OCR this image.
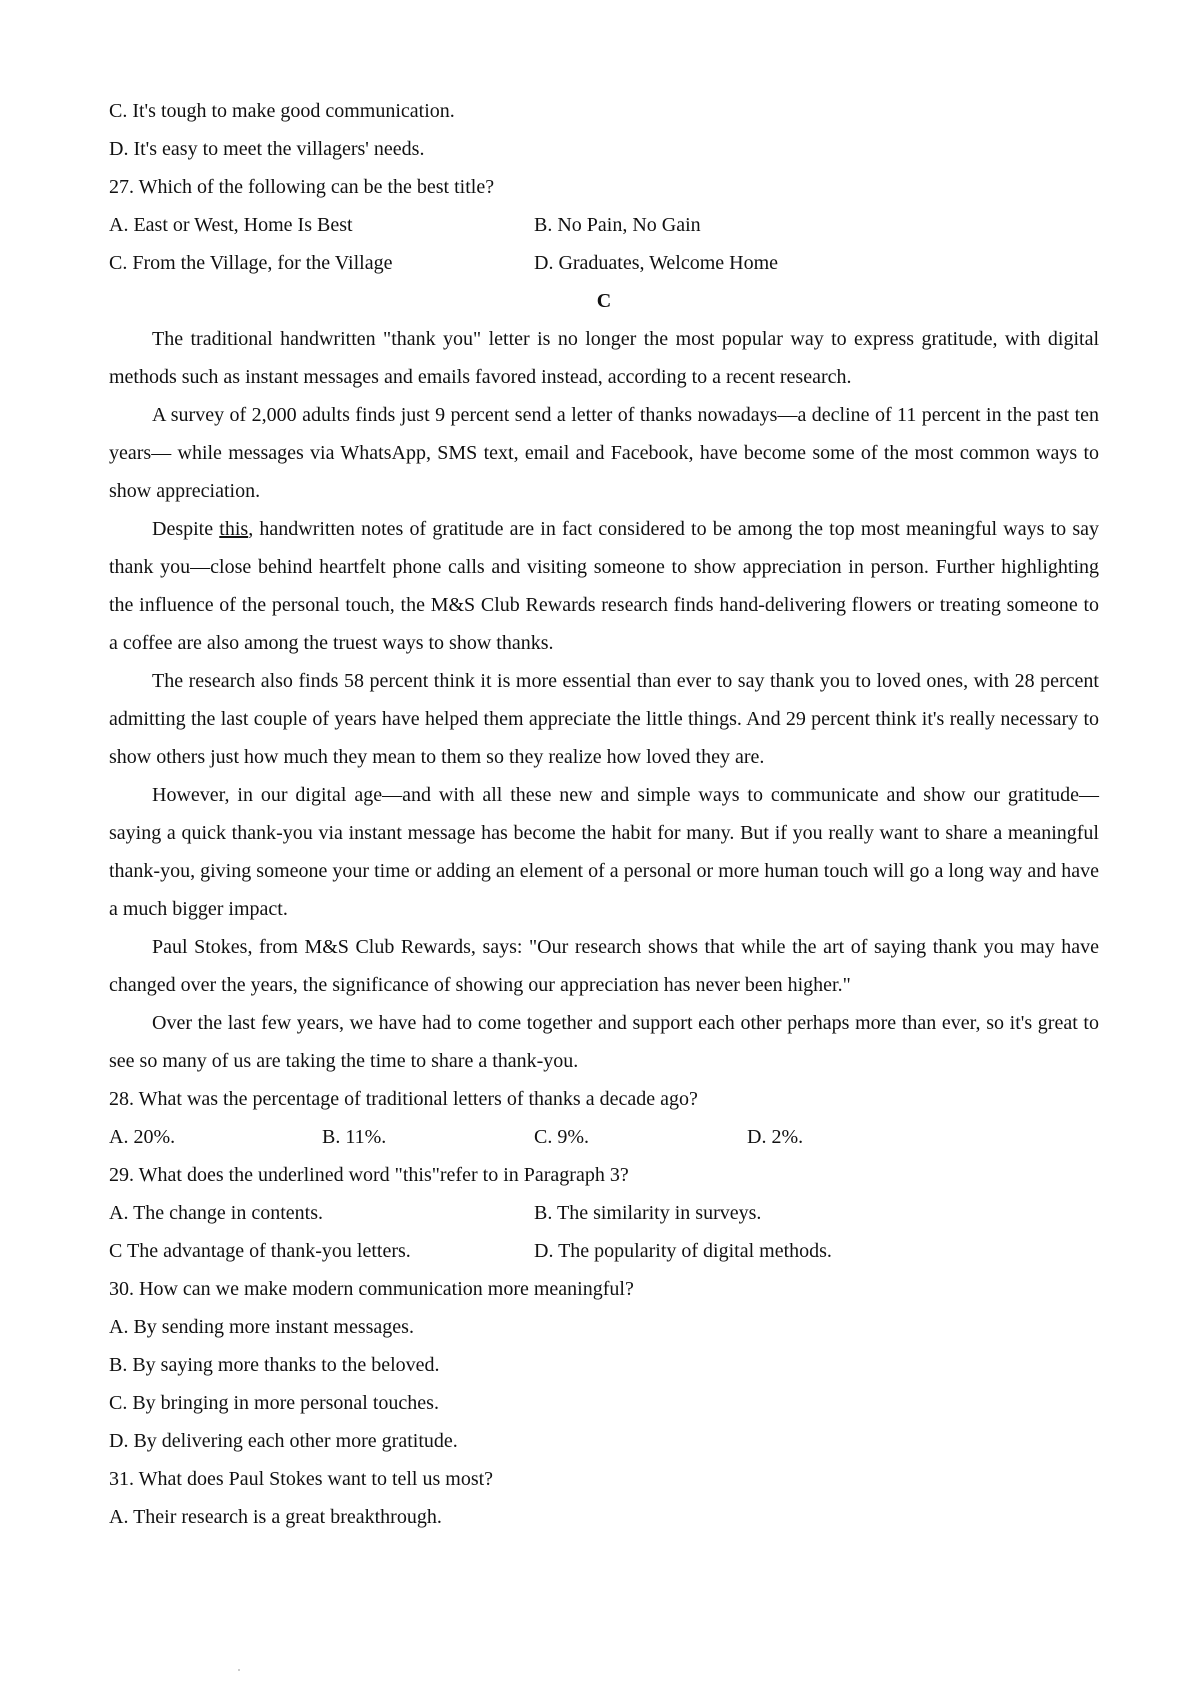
C. It's tough to make good communication.
D. It's easy to meet the villagers' needs.
27. Which of the following can be the best title?
A. East or West, Home Is Best	B. No Pain, No Gain
C. From the Village, for the Village	D. Graduates, Welcome Home
C
The traditional handwritten "thank you" letter is no longer the most popular way to express gratitude, with digital methods such as instant messages and emails favored instead, according to a recent research.
A survey of 2,000 adults finds just 9 percent send a letter of thanks nowadays—a decline of 11 percent in the past ten years— while messages via WhatsApp, SMS text, email and Facebook, have become some of the most common ways to show appreciation.
Despite this, handwritten notes of gratitude are in fact considered to be among the top most meaningful ways to say thank you—close behind heartfelt phone calls and visiting someone to show appreciation in person. Further highlighting the influence of the personal touch, the M&S Club Rewards research finds hand-delivering flowers or treating someone to a coffee are also among the truest ways to show thanks.
The research also finds 58 percent think it is more essential than ever to say thank you to loved ones, with 28 percent admitting the last couple of years have helped them appreciate the little things. And 29 percent think it's really necessary to show others just how much they mean to them so they realize how loved they are.
However, in our digital age—and with all these new and simple ways to communicate and show our gratitude—saying a quick thank-you via instant message has become the habit for many. But if you really want to share a meaningful thank-you, giving someone your time or adding an element of a personal or more human touch will go a long way and have a much bigger impact.
Paul Stokes, from M&S Club Rewards, says: "Our research shows that while the art of saying thank you may have changed over the years, the significance of showing our appreciation has never been higher."
Over the last few years, we have had to come together and support each other perhaps more than ever, so it's great to see so many of us are taking the time to share a thank-you.
28. What was the percentage of traditional letters of thanks a decade ago?
A. 20%.	B. 11%.	C. 9%.	D. 2%.
29. What does the underlined word "this"refer to in Paragraph 3?
A. The change in contents.	B. The similarity in surveys.
C The advantage of thank-you letters.	D. The popularity of digital methods.
30. How can we make modern communication more meaningful?
A. By sending more instant messages.
B. By saying more thanks to the beloved.
C. By bringing in more personal touches.
D. By delivering each other more gratitude.
31. What does Paul Stokes want to tell us most?
A. Their research is a great breakthrough.
